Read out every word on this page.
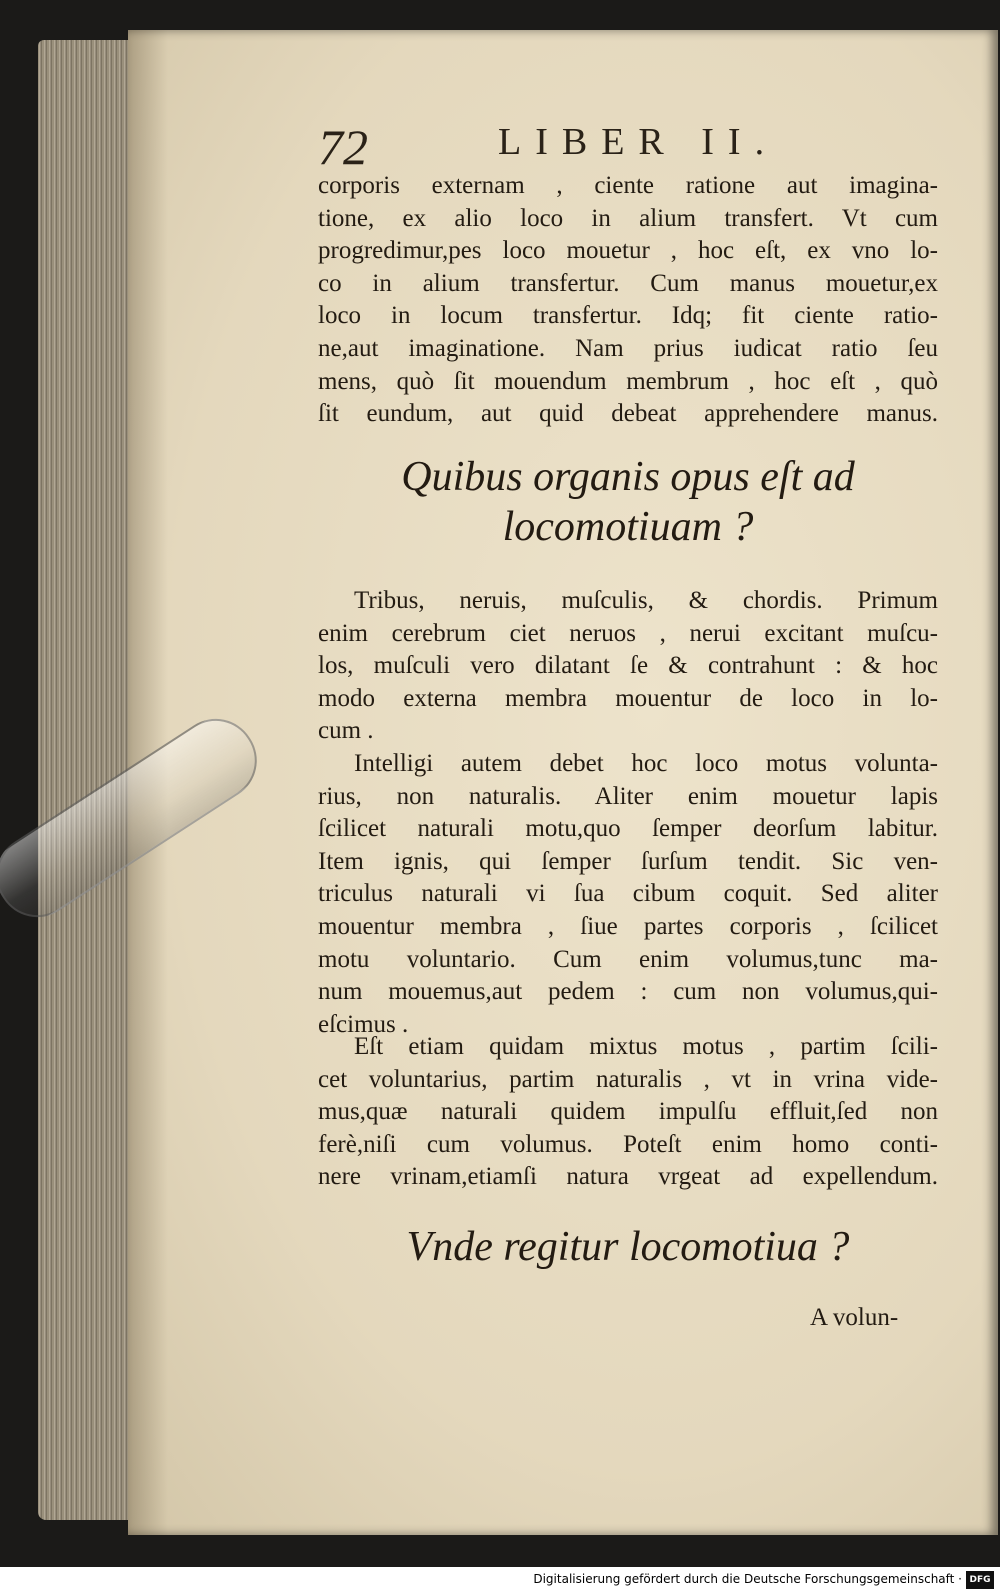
72	LIBER II.
corporis externam , ciente ratione aut imagina-
tione, ex alio loco in alium transfert. Vt cum
progredimur,pes loco mouetur , hoc eſt, ex vno lo-
co in alium transfertur. Cum manus mouetur,ex
loco in locum transfertur. Idq; fit ciente ratio-
ne,aut imaginatione. Nam prius iudicat ratio ſeu
mens, quò ſit mouendum membrum , hoc eſt , quò
ſit eundum, aut quid debeat apprehendere manus.
Quibus organis opus eſt ad
locomotiuam ?
Tribus, neruis, muſculis, & chordis. Primum
enim cerebrum ciet neruos , nerui excitant muſcu-
los, muſculi vero dilatant ſe & contrahunt : & hoc
modo externa membra mouentur de loco in lo-
cum .
Intelligi autem debet hoc loco motus volunta-
rius, non naturalis. Aliter enim mouetur lapis
ſcilicet naturali motu,quo ſemper deorſum labitur.
Item ignis, qui ſemper ſurſum tendit. Sic ven-
triculus naturali vi ſua cibum coquit. Sed aliter
mouentur membra , ſiue partes corporis , ſcilicet
motu voluntario. Cum enim volumus,tunc ma-
num mouemus,aut pedem : cum non volumus,qui-
eſcimus .
Eſt etiam quidam mixtus motus , partim ſcili-
cet voluntarius, partim naturalis , vt in vrina vide-
mus,quæ naturali quidem impulſu effluit,ſed non
ferè,niſi cum volumus. Poteſt enim homo conti-
nere vrinam,etiamſi natura vrgeat ad expellendum.
Vnde regitur locomotiua ?
A volun-
Digitalisierung gefördert durch die Deutsche Forschungsgemeinschaft · DFG
